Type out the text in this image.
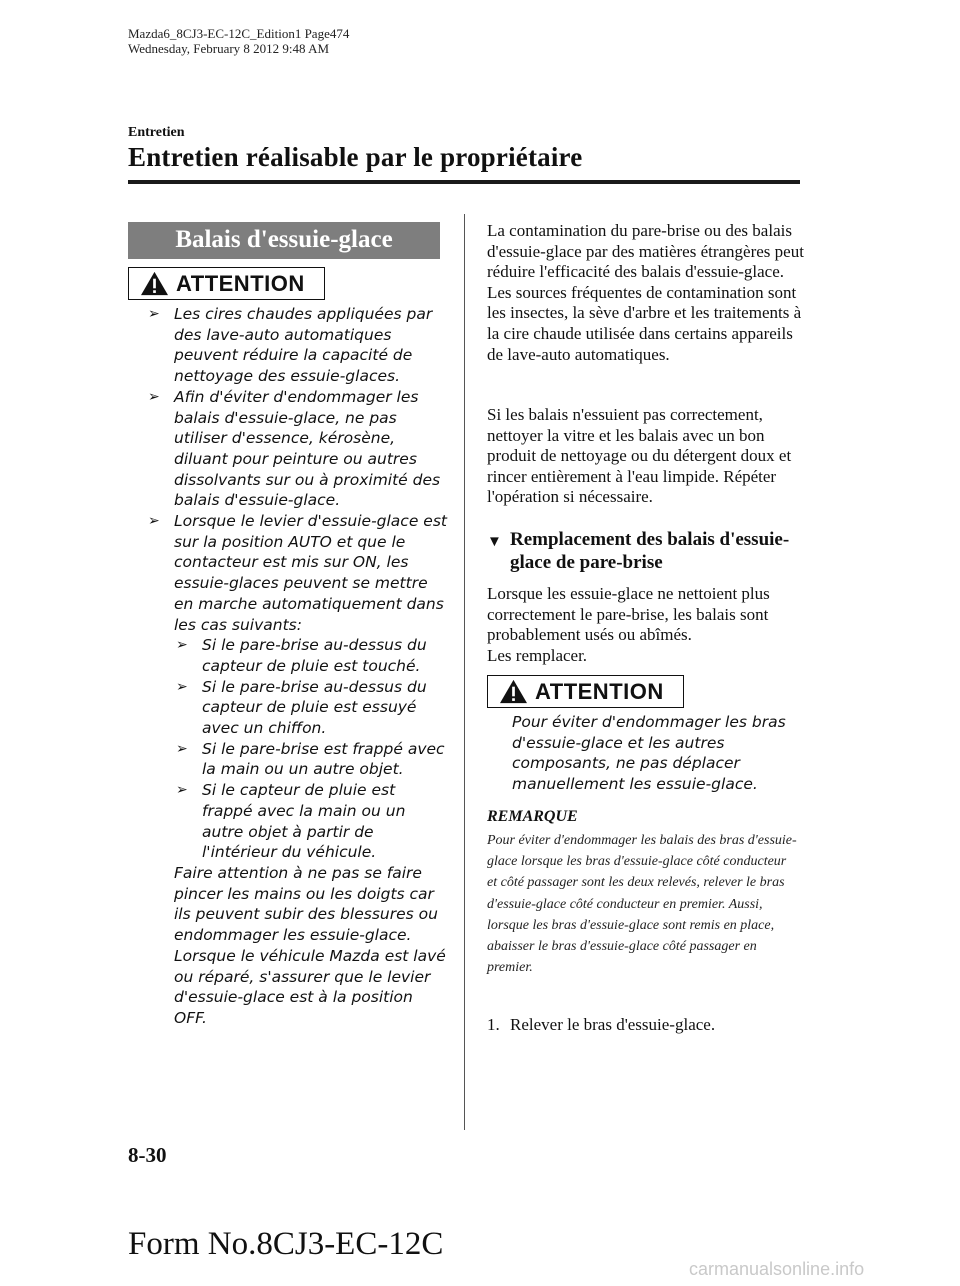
Mazda6_8CJ3-EC-12C_Edition1 Page474
Wednesday, February 8 2012 9:48 AM
Entretien
Entretien réalisable par le propriétaire
Balais d'essuie-glace
ATTENTION
➢ Les cires chaudes appliquées par des lave-auto automatiques peuvent réduire la capacité de nettoyage des essuie-glaces.
➢ Afin d'éviter d'endommager les balais d'essuie-glace, ne pas utiliser d'essence, kérosène, diluant pour peinture ou autres dissolvants sur ou à proximité des balais d'essuie-glace.
➢ Lorsque le levier d'essuie-glace est sur la position AUTO et que le contacteur est mis sur ON, les essuie-glaces peuvent se mettre en marche automatiquement dans les cas suivants:
➢ Si le pare-brise au-dessus du capteur de pluie est touché.
➢ Si le pare-brise au-dessus du capteur de pluie est essuyé avec un chiffon.
➢ Si le pare-brise est frappé avec la main ou un autre objet.
➢ Si le capteur de pluie est frappé avec la main ou un autre objet à partir de l'intérieur du véhicule.
Faire attention à ne pas se faire pincer les mains ou les doigts car ils peuvent subir des blessures ou endommager les essuie-glace.
Lorsque le véhicule Mazda est lavé ou réparé, s'assurer que le levier d'essuie-glace est à la position OFF.
La contamination du pare-brise ou des balais d'essuie-glace par des matières étrangères peut réduire l'efficacité des balais d'essuie-glace. Les sources fréquentes de contamination sont les insectes, la sève d'arbre et les traitements à la cire chaude utilisée dans certains appareils de lave-auto automatiques.
Si les balais n'essuient pas correctement, nettoyer la vitre et les balais avec un bon produit de nettoyage ou du détergent doux et rincer entièrement à l'eau limpide. Répéter l'opération si nécessaire.
▼ Remplacement des balais d'essuie-glace de pare-brise
Lorsque les essuie-glace ne nettoient plus correctement le pare-brise, les balais sont probablement usés ou abîmés.
Les remplacer.
ATTENTION
Pour éviter d'endommager les bras d'essuie-glace et les autres composants, ne pas déplacer manuellement les essuie-glace.
REMARQUE
Pour éviter d'endommager les balais des bras d'essuie-glace lorsque les bras d'essuie-glace côté conducteur et côté passager sont les deux relevés, relever le bras d'essuie-glace côté conducteur en premier. Aussi, lorsque les bras d'essuie-glace sont remis en place, abaisser le bras d'essuie-glace côté passager en premier.
1. Relever le bras d'essuie-glace.
8-30
Form No.8CJ3-EC-12C
carmanualsonline.info
